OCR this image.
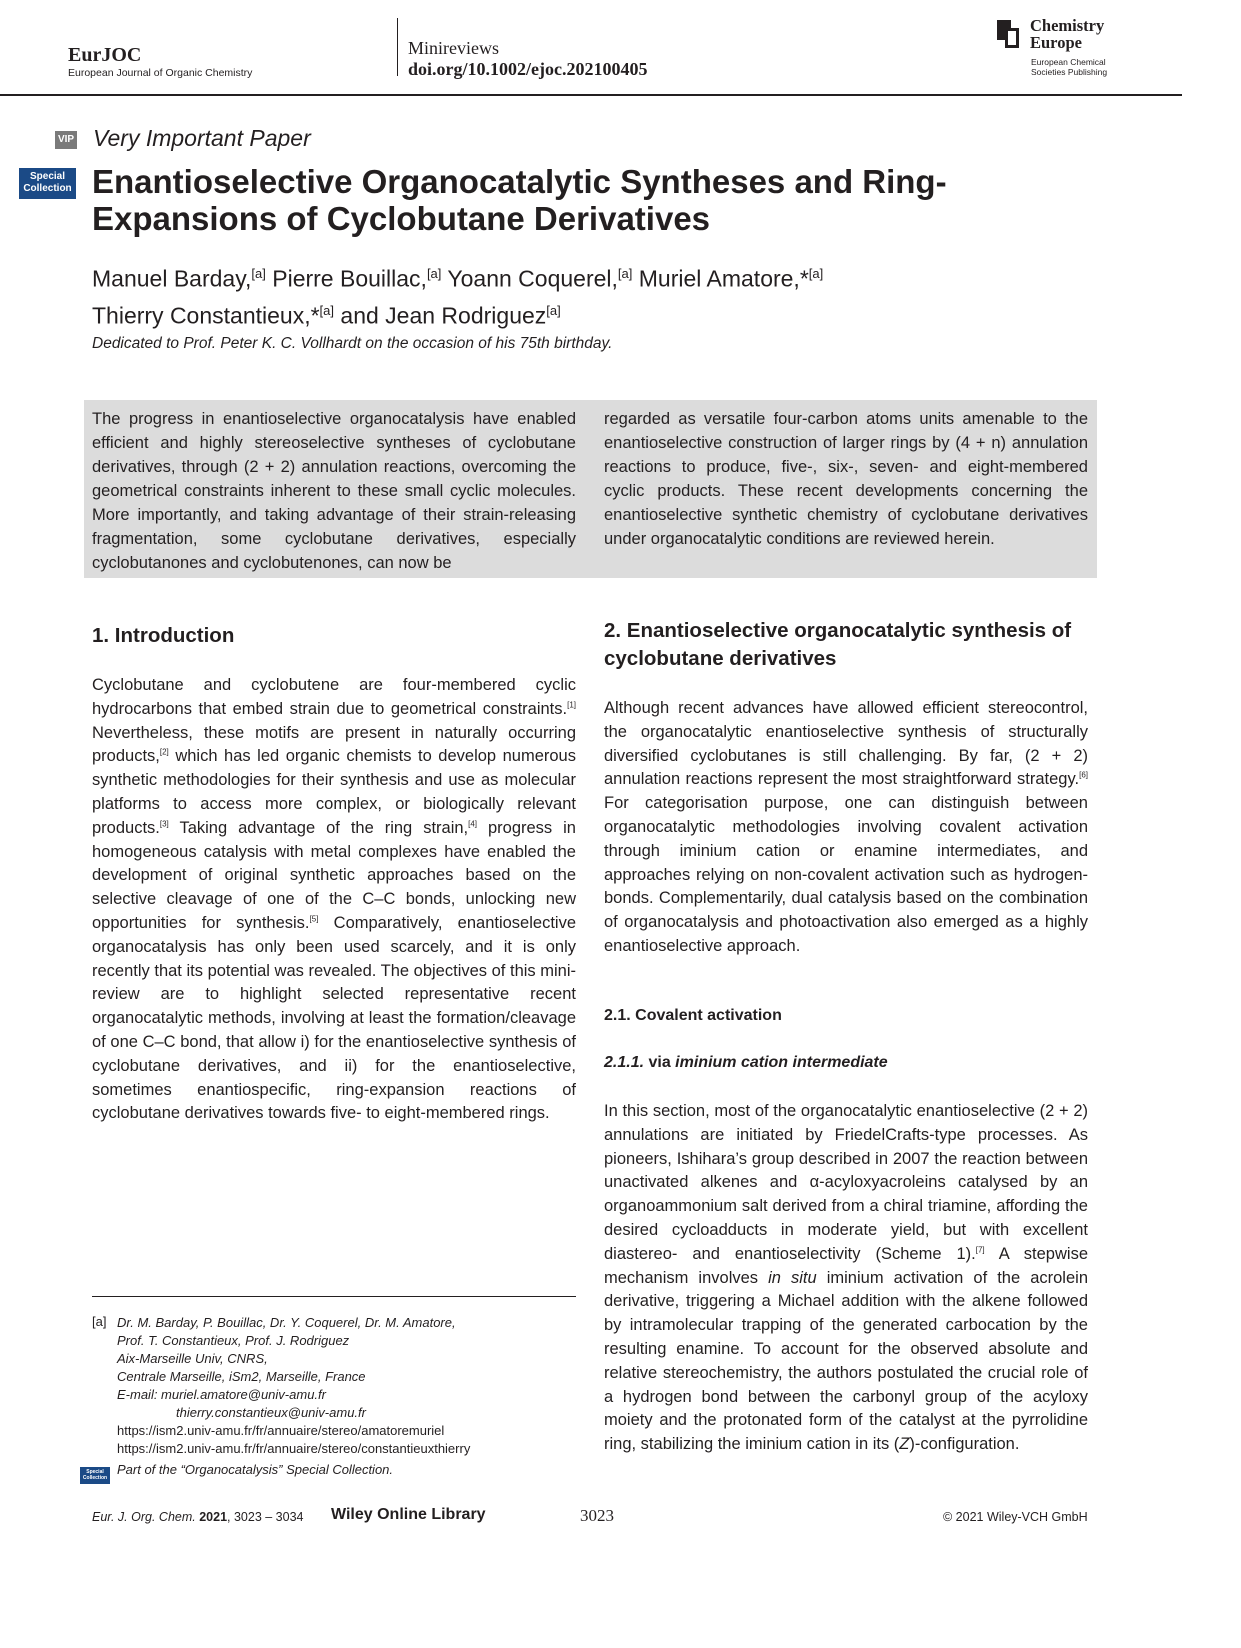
EurJOC
European Journal of Organic Chemistry
Minireviews
doi.org/10.1002/ejoc.202100405
Chemistry
Europe
European Chemical
Societies Publishing
VIP Very Important Paper
Special
Collection Enantioselective Organocatalytic Syntheses and Ring-
Expansions of Cyclobutane Derivatives
Manuel Barday,[a] Pierre Bouillac,[a] Yoann Coquerel,[a] Muriel Amatore,*[a]
Thierry Constantieux,*[a] and Jean Rodriguez[a]
Dedicated to Prof. Peter K. C. Vollhardt on the occasion of his 75th birthday.
The progress in enantioselective organocatalysis have enabled efficient and highly stereoselective syntheses of cyclobutane derivatives, through (2 + 2) annulation reactions, overcoming the geometrical constraints inherent to these small cyclic molecules. More importantly, and taking advantage of their strain-releasing fragmentation, some cyclobutane derivatives, especially cyclobutanones and cyclobutenones, can now be
regarded as versatile four-carbon atoms units amenable to the enantioselective construction of larger rings by (4 + n) annulation reactions to produce, five-, six-, seven- and eight-membered cyclic products. These recent developments concerning the enantioselective synthetic chemistry of cyclobutane derivatives under organocatalytic conditions are reviewed herein.
1. Introduction
Cyclobutane and cyclobutene are four-membered cyclic hydrocarbons that embed strain due to geometrical constraints.[1] Nevertheless, these motifs are present in naturally occurring products,[2] which has led organic chemists to develop numerous synthetic methodologies for their synthesis and use as molecular platforms to access more complex, or biologically relevant products.[3] Taking advantage of the ring strain,[4] progress in homogeneous catalysis with metal complexes have enabled the development of original synthetic approaches based on the selective cleavage of one of the C–C bonds, unlocking new opportunities for synthesis.[5] Comparatively, enantioselective organocatalysis has only been used scarcely, and it is only recently that its potential was revealed. The objectives of this mini-review are to highlight selected representative recent organocatalytic methods, involving at least the formation/cleavage of one C–C bond, that allow i) for the enantioselective synthesis of cyclobutane derivatives, and ii) for the enantioselective, sometimes enantiospecific, ring-expansion reactions of cyclobutane derivatives towards five- to eight-membered rings.
2. Enantioselective organocatalytic synthesis of
cyclobutane derivatives
Although recent advances have allowed efficient stereocontrol, the organocatalytic enantioselective synthesis of structurally diversified cyclobutanes is still challenging. By far, (2 + 2) annulation reactions represent the most straightforward strategy.[6] For categorisation purpose, one can distinguish between organocatalytic methodologies involving covalent activation through iminium cation or enamine intermediates, and approaches relying on non-covalent activation such as hydrogen-bonds. Complementarily, dual catalysis based on the combination of organocatalysis and photoactivation also emerged as a highly enantioselective approach.
2.1. Covalent activation
2.1.1. via iminium cation intermediate
In this section, most of the organocatalytic enantioselective (2 + 2) annulations are initiated by FriedelCrafts-type processes. As pioneers, Ishihara’s group described in 2007 the reaction between unactivated alkenes and α-acyloxyacroleins catalysed by an organoammonium salt derived from a chiral triamine, affording the desired cycloadducts in moderate yield, but with excellent diastereo- and enantioselectivity (Scheme 1).[7] A stepwise mechanism involves in situ iminium activation of the acrolein derivative, triggering a Michael addition with the alkene followed by intramolecular trapping of the generated carbocation by the resulting enamine. To account for the observed absolute and relative stereochemistry, the authors postulated the crucial role of a hydrogen bond between the carbonyl group of the acyloxy moiety and the protonated form of the catalyst at the pyrrolidine ring, stabilizing the iminium cation in its (Z)-configuration.
[a] Dr. M. Barday, P. Bouillac, Dr. Y. Coquerel, Dr. M. Amatore,
Prof. T. Constantieux, Prof. J. Rodriguez
Aix-Marseille Univ, CNRS,
Centrale Marseille, iSm2, Marseille, France
E-mail: muriel.amatore@univ-amu.fr
thierry.constantieux@univ-amu.fr
https://ism2.univ-amu.fr/fr/annuaire/stereo/amatoremuriel
https://ism2.univ-amu.fr/fr/annuaire/stereo/constantieuxthierry
Special
Collection
Part of the “Organocatalysis” Special Collection.
Eur. J. Org. Chem. 2021, 3023 – 3034 Wiley Online Library	3023	© 2021 Wiley-VCH GmbH
